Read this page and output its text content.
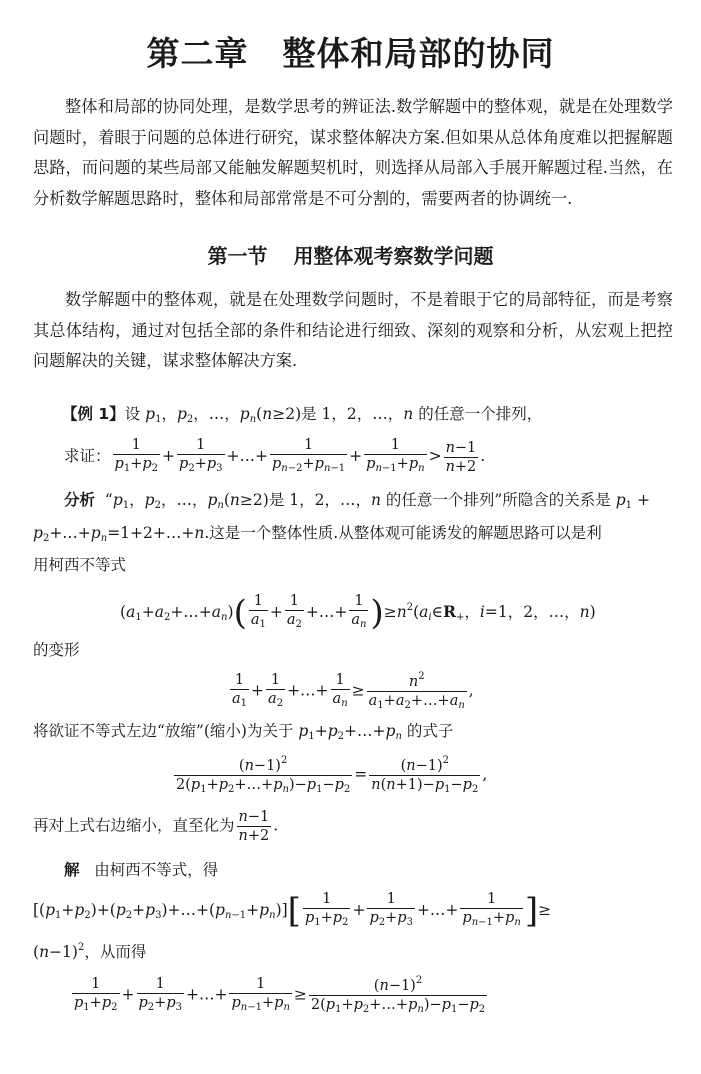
第二章 整体和局部的协同

整体和局部的协同处理，是数学思考的辨证法.数学解题中的整体观，就是在处理数学问题时，着眼于问题的总体进行研究，谋求整体解决方案.但如果从总体角度难以把握解题思路，而问题的某些局部又能触发解题契机时，则选择从局部入手展开解题过程.当然，在分析数学解题思路时，整体和局部常常是不可分割的，需要两者的协调统一.

第一节 用整体观考察数学问题

数学解题中的整体观，就是在处理数学问题时，不是着眼于它的局部特征，而是考察其总体结构，通过对包括全部的条件和结论进行细致、深刻的观察和分析，从宏观上把控问题解决的关键，谋求整体解决方案.

【例 1】设 $p_1$，$p_2$，…，$p_n(n\ge 2)$是 1，2，…，n 的任意一个排列，
求证： $\frac{1}{p_1+p_2} + \frac{1}{p_2+p_3}$ +…+ $\frac{1}{p_{n-2}+p_{n-1}} + \frac{1}{p_{n-1}+p_n} > \frac{n-1}{n+2}$ .
分析 “$p_1$，$p_2$，…，$p_n(n\ge 2)$是 1，2，…，n 的任意一个排列”所隐含的关系是 $p_1$ +
$p_2+\dots+p_n=1+2+\dots+n$.这是一个整体性质.从整体观可能诱发的解题思路可以是利
用柯西不等式
$(a_1+a_2+\dots+a_n)( \frac{1}{a_1} + \frac{1}{a_2}$ +…+ $\frac{1}{a_n}$ )$\ge n^2(a_i\in R_+$，i=1，2，…，n)
的变形
$\frac{1}{a_1} + \frac{1}{a_2}$ +…+ $\frac{1}{a_n} \ge \frac{n^2}{a_1+a_2+\dots+a_n}$ ,
将欲证不等式左边“放缩”(缩小)为关于 $p_1+p_2+\dots+p_n$ 的式子
$\frac{(n-1)^2}{2(p_1+p_2+\dots+p_n)-p_1-p_2} = \frac{(n-1)^2}{n(n+1)-p_1-p_2}$ ,
再对上式右边缩小，直至化为 $\frac{n-1}{n+2}$ .
解 由柯西不等式，得
$[(p_1+p_2)+(p_2+p_3)+\dots+(p_{n-1}+p_n)][ \frac{1}{p_1+p_2} + \frac{1}{p_2+p_3}$ +…+ $\frac{1}{p_{n-1}+p_n}$ ]≥
$(n-1)^2$，从而得
$\frac{1}{p_1+p_2} + \frac{1}{p_2+p_3}$ +…+ $\frac{1}{p_{n-1}+p_n} \ge \frac{(n-1)^2}{2(p_1+p_2+\dots+p_n)-p_1-p_2}$
